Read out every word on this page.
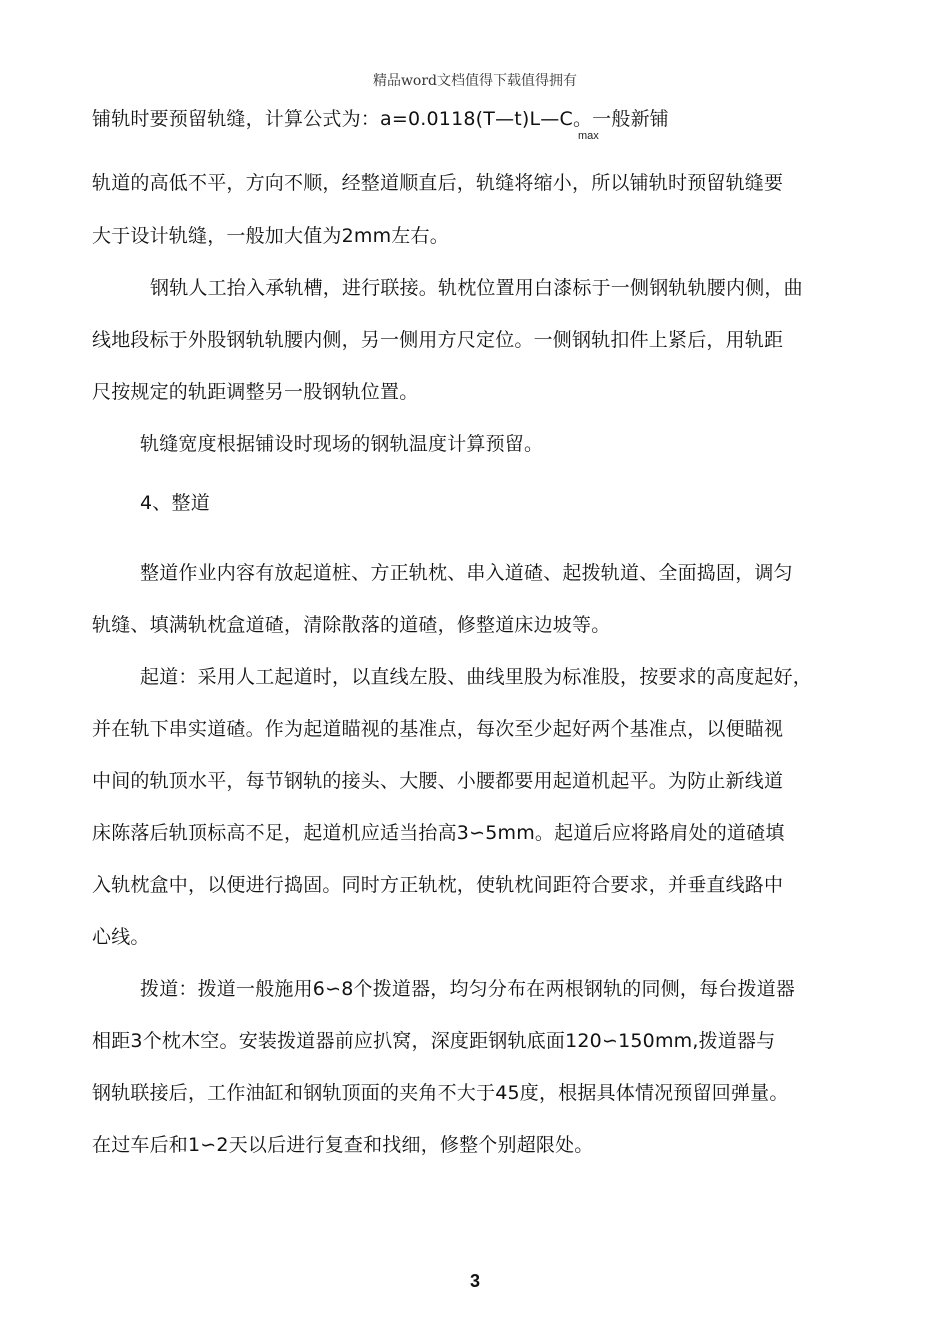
精品word文档值得下载值得拥有
铺轨时要预留轨缝，计算公式为：a=0.0118(T—t)L—C。一般新铺
max
轨道的高低不平，方向不顺，经整道顺直后，轨缝将缩小，所以铺轨时预留轨缝要
大于设计轨缝，一般加大值为2mm左右。
钢轨人工抬入承轨槽，进行联接。轨枕位置用白漆标于一侧钢轨轨腰内侧，曲
线地段标于外股钢轨轨腰内侧，另一侧用方尺定位。一侧钢轨扣件上紧后，用轨距
尺按规定的轨距调整另一股钢轨位置。
轨缝宽度根据铺设时现场的钢轨温度计算预留。
4、整道
整道作业内容有放起道桩、方正轨枕、串入道碴、起拨轨道、全面捣固，调匀
轨缝、填满轨枕盒道碴，清除散落的道碴，修整道床边坡等。
起道：采用人工起道时，以直线左股、曲线里股为标准股，按要求的高度起好，
并在轨下串实道碴。作为起道瞄视的基准点，每次至少起好两个基准点，以便瞄视
中间的轨顶水平，每节钢轨的接头、大腰、小腰都要用起道机起平。为防止新线道
床陈落后轨顶标高不足，起道机应适当抬高3∽5mm。起道后应将路肩处的道碴填
入轨枕盒中，以便进行捣固。同时方正轨枕，使轨枕间距符合要求，并垂直线路中
心线。
拨道：拨道一般施用6∽8个拨道器，均匀分布在两根钢轨的同侧，每台拨道器
相距3个枕木空。安装拨道器前应扒窝，深度距钢轨底面120∽150mm,拨道器与
钢轨联接后，工作油缸和钢轨顶面的夹角不大于45度，根据具体情况预留回弹量。
在过车后和1∽2天以后进行复查和找细，修整个别超限处。
3
